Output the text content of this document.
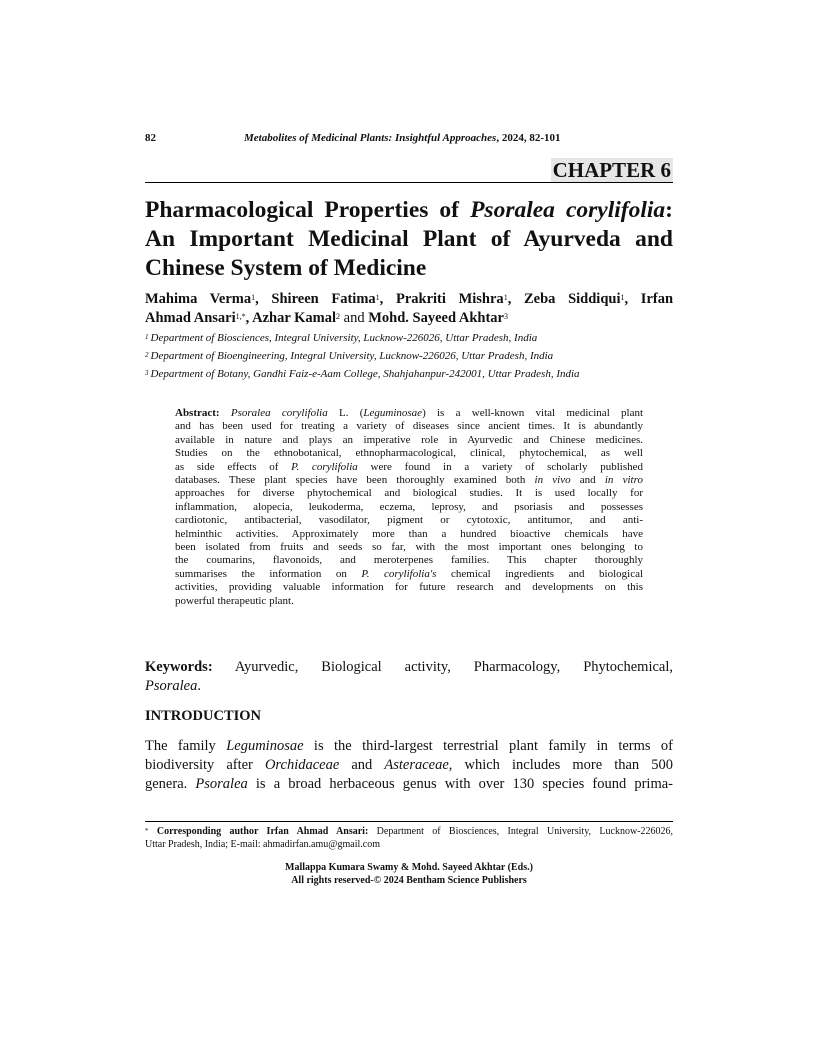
82	Metabolites of Medicinal Plants: Insightful Approaches, 2024, 82-101
CHAPTER 6
Pharmacological Properties of Psoralea corylifolia:
An Important Medicinal Plant of Ayurveda and
Chinese System of Medicine
Mahima Verma$^1$, Shireen Fatima$^1$, Prakriti Mishra$^1$, Zeba Siddiqui$^1$, Irfan
Ahmad Ansari$^{1,*}$, Azhar Kamal$^2$ and Mohd. Sayeed Akhtar$^3$
$^1$ Department of Biosciences, Integral University, Lucknow-226026, Uttar Pradesh, India
$^2$ Department of Bioengineering, Integral University, Lucknow-226026, Uttar Pradesh, India
$^3$ Department of Botany, Gandhi Faiz-e-Aam College, Shahjahanpur-242001, Uttar Pradesh, India
Abstract: Psoralea corylifolia L. (Leguminosae) is a well-known vital medicinal plant
and has been used for treating a variety of diseases since ancient times. It is abundantly
available in nature and plays an imperative role in Ayurvedic and Chinese medicines.
Studies on the ethnobotanical, ethnopharmacological, clinical, phytochemical, as well
as side effects of P. corylifolia were found in a variety of scholarly published
databases. These plant species have been thoroughly examined both in vivo and in vitro
approaches for diverse phytochemical and biological studies. It is used locally for
inflammation, alopecia, leukoderma, eczema, leprosy, and psoriasis and possesses
cardiotonic, antibacterial, vasodilator, pigment or cytotoxic, antitumor, and anti-
helminthic activities. Approximately more than a hundred bioactive chemicals have
been isolated from fruits and seeds so far, with the most important ones belonging to
the coumarins, flavonoids, and meroterpenes families. This chapter thoroughly
summarises the information on P. corylifolia's chemical ingredients and biological
activities, providing valuable information for future research and developments on this
powerful therapeutic plant.
Keywords: Ayurvedic, Biological activity, Pharmacology, Phytochemical,
Psoralea.
INTRODUCTION
The family Leguminosae is the third-largest terrestrial plant family in terms of
biodiversity after Orchidaceae and Asteraceae, which includes more than 500
genera. Psoralea is a broad herbaceous genus with over 130 species found prima-
* Corresponding author Irfan Ahmad Ansari: Department of Biosciences, Integral University, Lucknow-226026,
Uttar Pradesh, India; E-mail: ahmadirfan.amu@gmail.com
Mallappa Kumara Swamy & Mohd. Sayeed Akhtar (Eds.)
All rights reserved-© 2024 Bentham Science Publishers
